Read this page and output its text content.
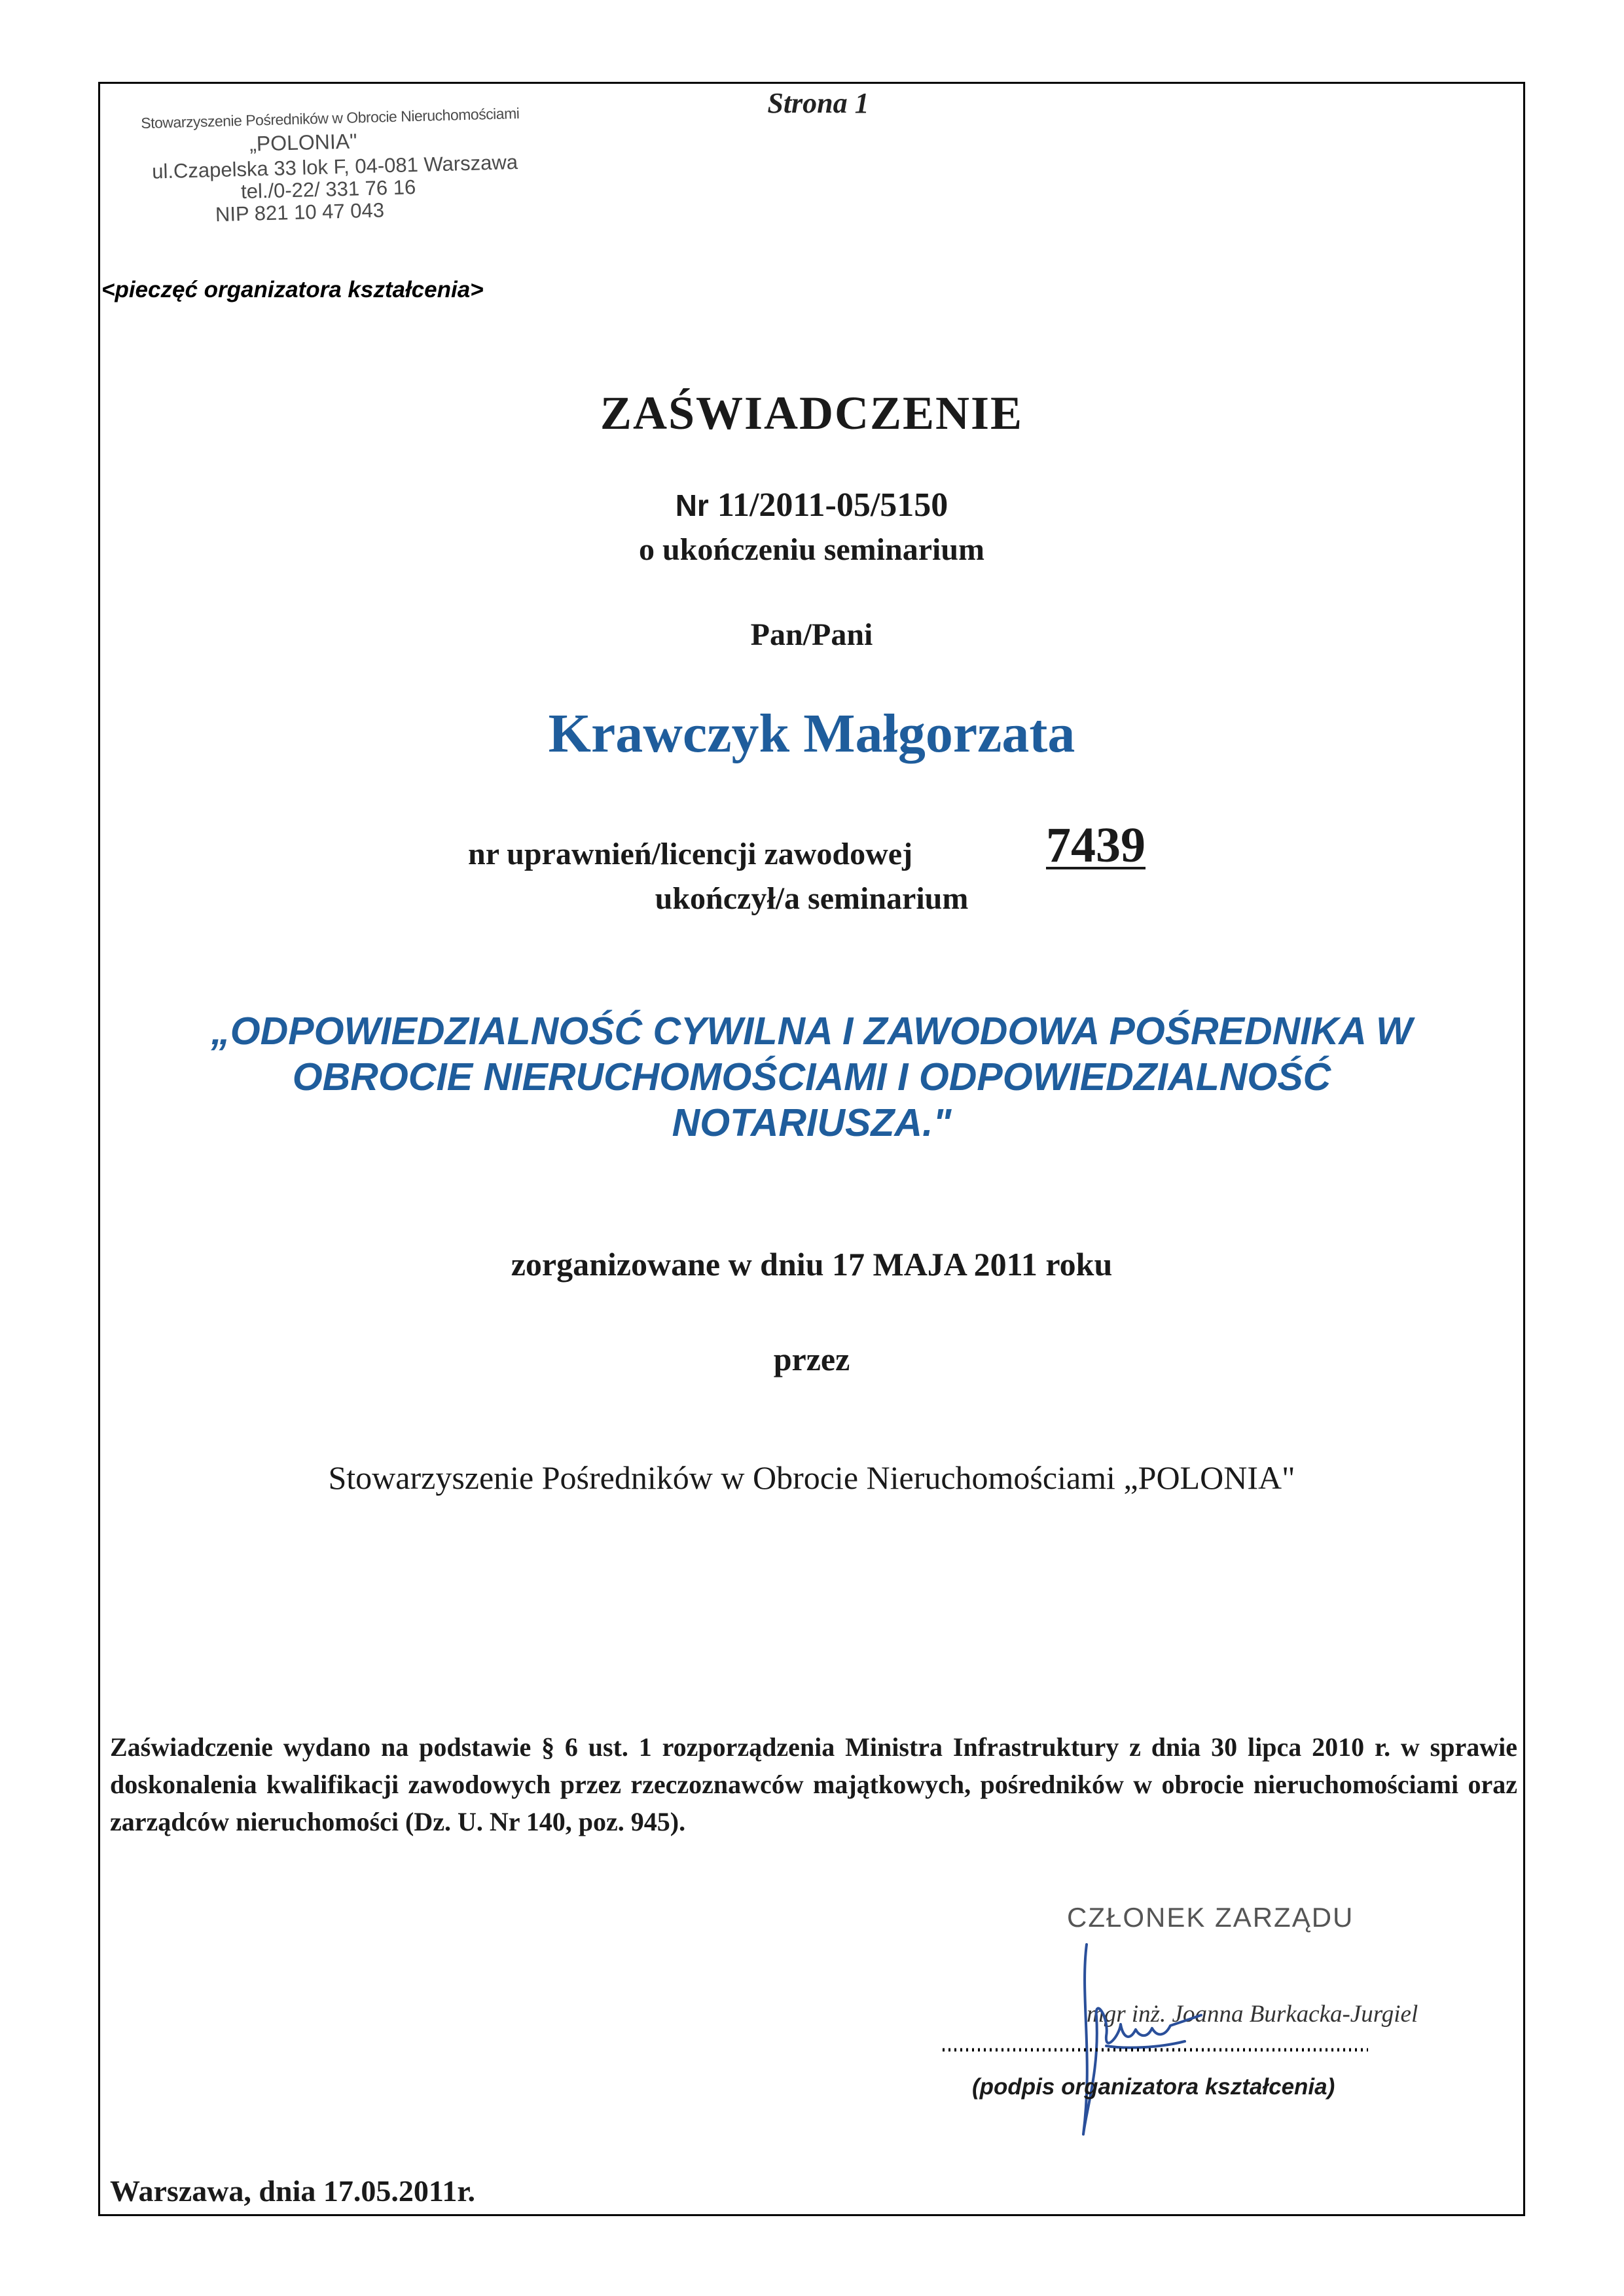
Strona 1
Stowarzyszenie Pośredników w Obrocie Nieruchomościami
„POLONIA"
ul.Czapelska 33 lok F, 04-081 Warszawa
tel./0-22/ 331 76 16
NIP 821 10 47 043
<pieczęć organizatora kształcenia>
ZAŚWIADCZENIE
Nr 11/2011-05/5150
o ukończeniu seminarium
Pan/Pani
Krawczyk Małgorzata
nr uprawnień/licencji zawodowej	7439
ukończył/a seminarium
„ODPOWIEDZIALNOŚĆ CYWILNA I ZAWODOWA POŚREDNIKA W
OBROCIE NIERUCHOMOŚCIAMI I ODPOWIEDZIALNOŚĆ
NOTARIUSZA."
zorganizowane w dniu 17 MAJA 2011 roku
przez
Stowarzyszenie Pośredników w Obrocie Nieruchomościami „POLONIA"
Zaświadczenie wydano na podstawie § 6 ust. 1 rozporządzenia Ministra Infrastruktury z dnia 30 lipca 2010 r. w sprawie doskonalenia kwalifikacji zawodowych przez rzeczoznawców majątkowych, pośredników w obrocie nieruchomościami oraz zarządców nieruchomości (Dz. U. Nr 140, poz. 945).
CZŁONEK ZARZĄDU
mgr inż. Joanna Burkacka-Jurgiel
(podpis organizatora kształcenia)
Warszawa, dnia 17.05.2011r.
